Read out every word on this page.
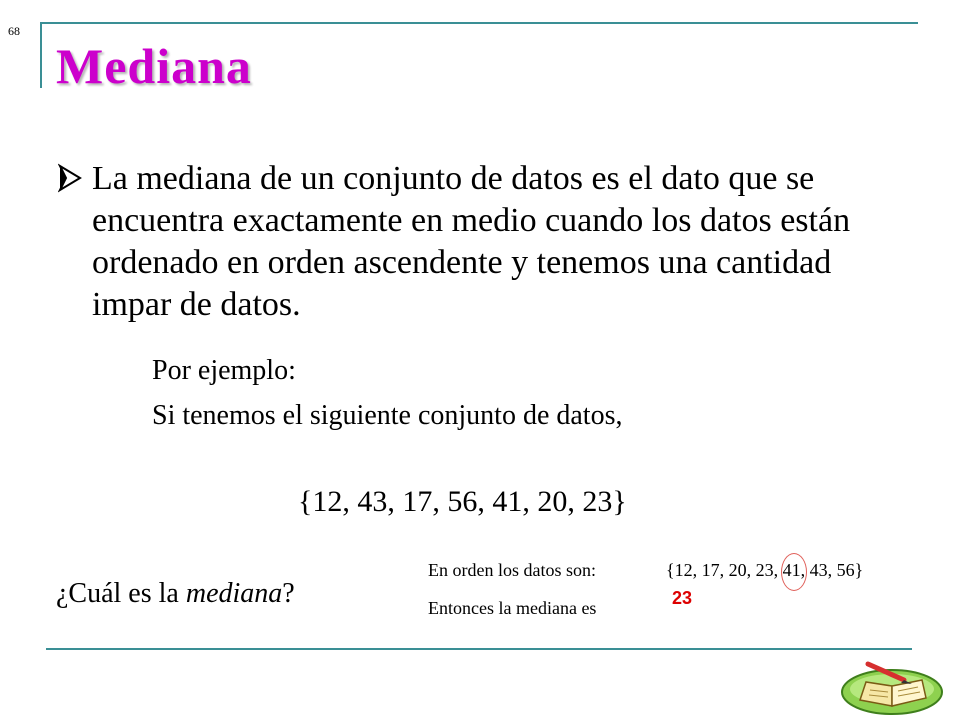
68
Mediana
La mediana de un conjunto de datos es el dato que se encuentra exactamente en medio cuando los datos están ordenado en orden ascendente y tenemos una cantidad impar de datos.
Por ejemplo:
Si tenemos el siguiente conjunto de datos,
{12, 43, 17, 56, 41, 20, 23}
¿Cuál es la mediana?
En orden los datos son:	{12, 17, 20, 23, 41, 43, 56}
Entonces la mediana es	23
